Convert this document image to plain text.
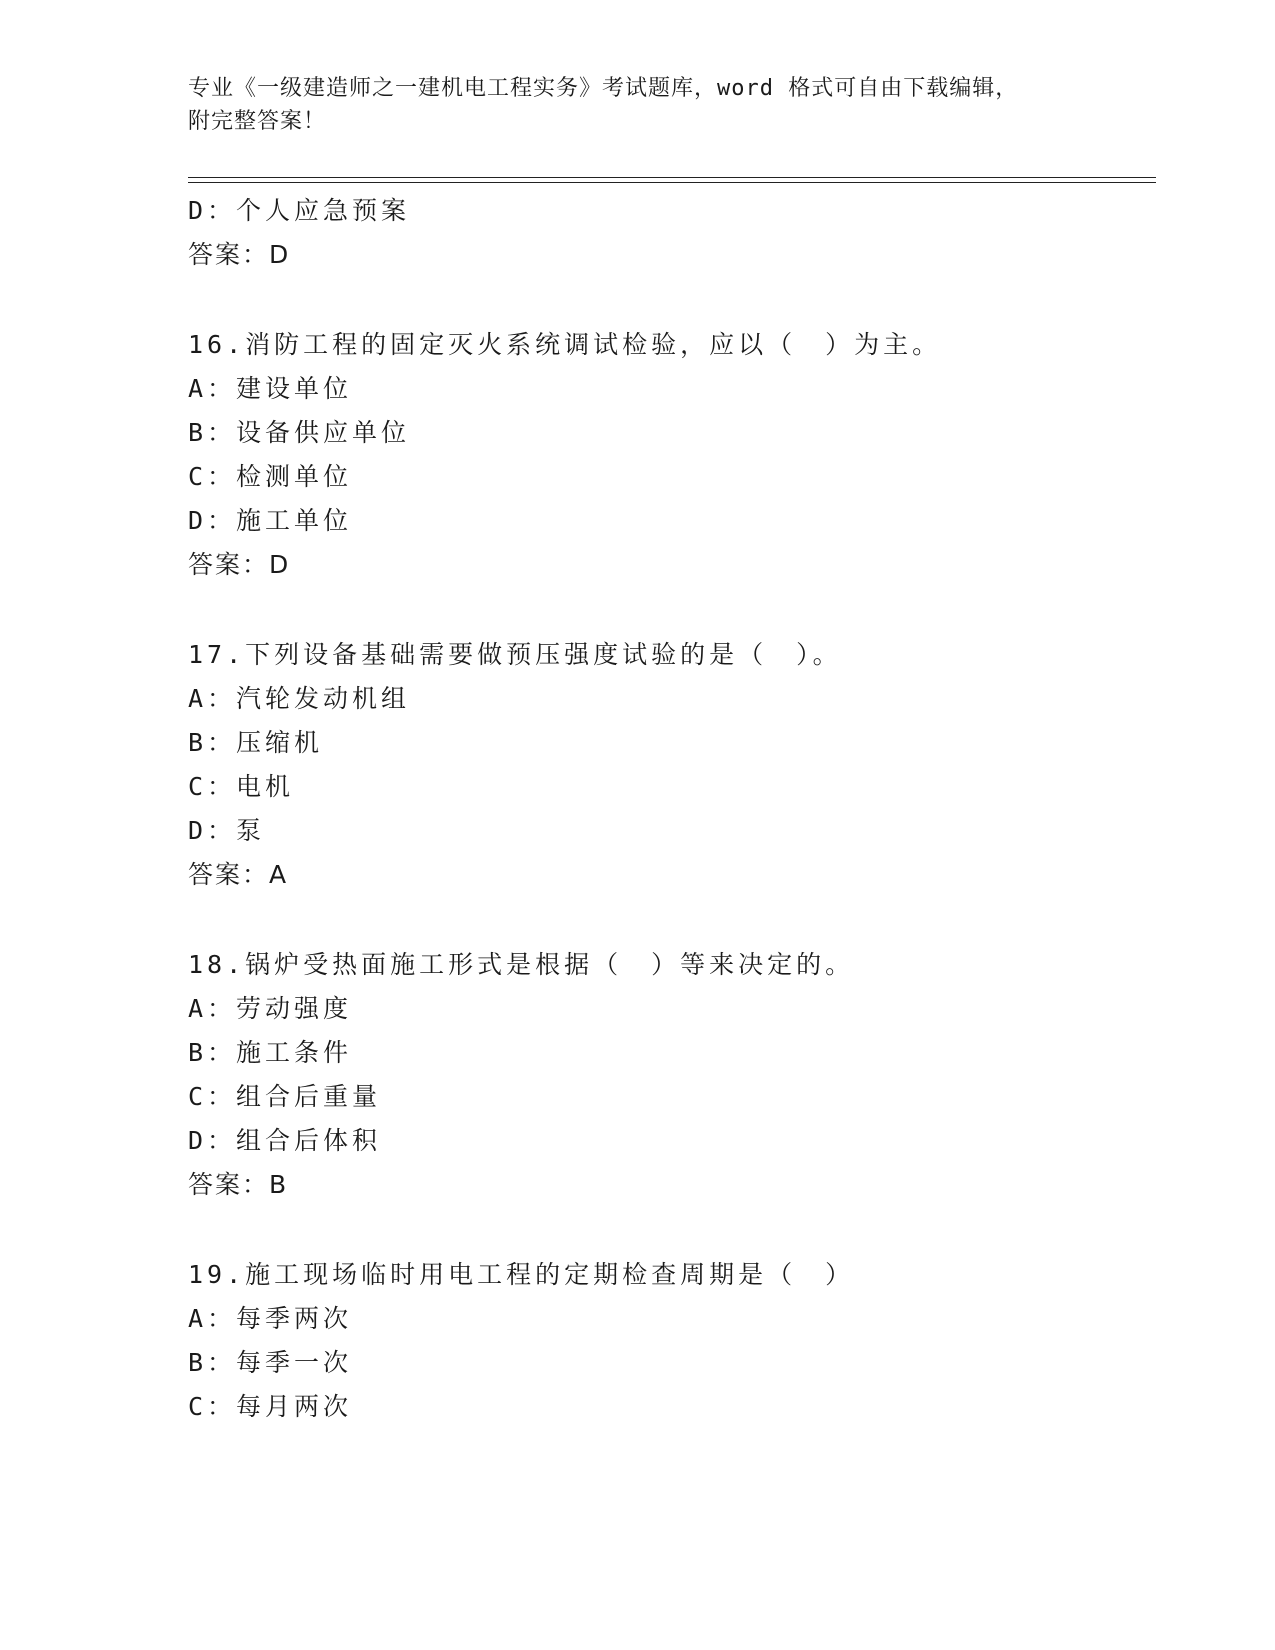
专业《一级建造师之一建机电工程实务》考试题库，word 格式可自由下载编辑，
附完整答案！
D：个人应急预案
答案：D
16.消防工程的固定灭火系统调试检验，应以（　）为主。
A：建设单位
B：设备供应单位
C：检测单位
D：施工单位
答案：D
17.下列设备基础需要做预压强度试验的是（　）。
A：汽轮发动机组
B：压缩机
C：电机
D：泵
答案：A
18.锅炉受热面施工形式是根据（　）等来决定的。
A：劳动强度
B：施工条件
C：组合后重量
D：组合后体积
答案：B
19.施工现场临时用电工程的定期检查周期是（　）
A：每季两次
B：每季一次
C：每月两次
